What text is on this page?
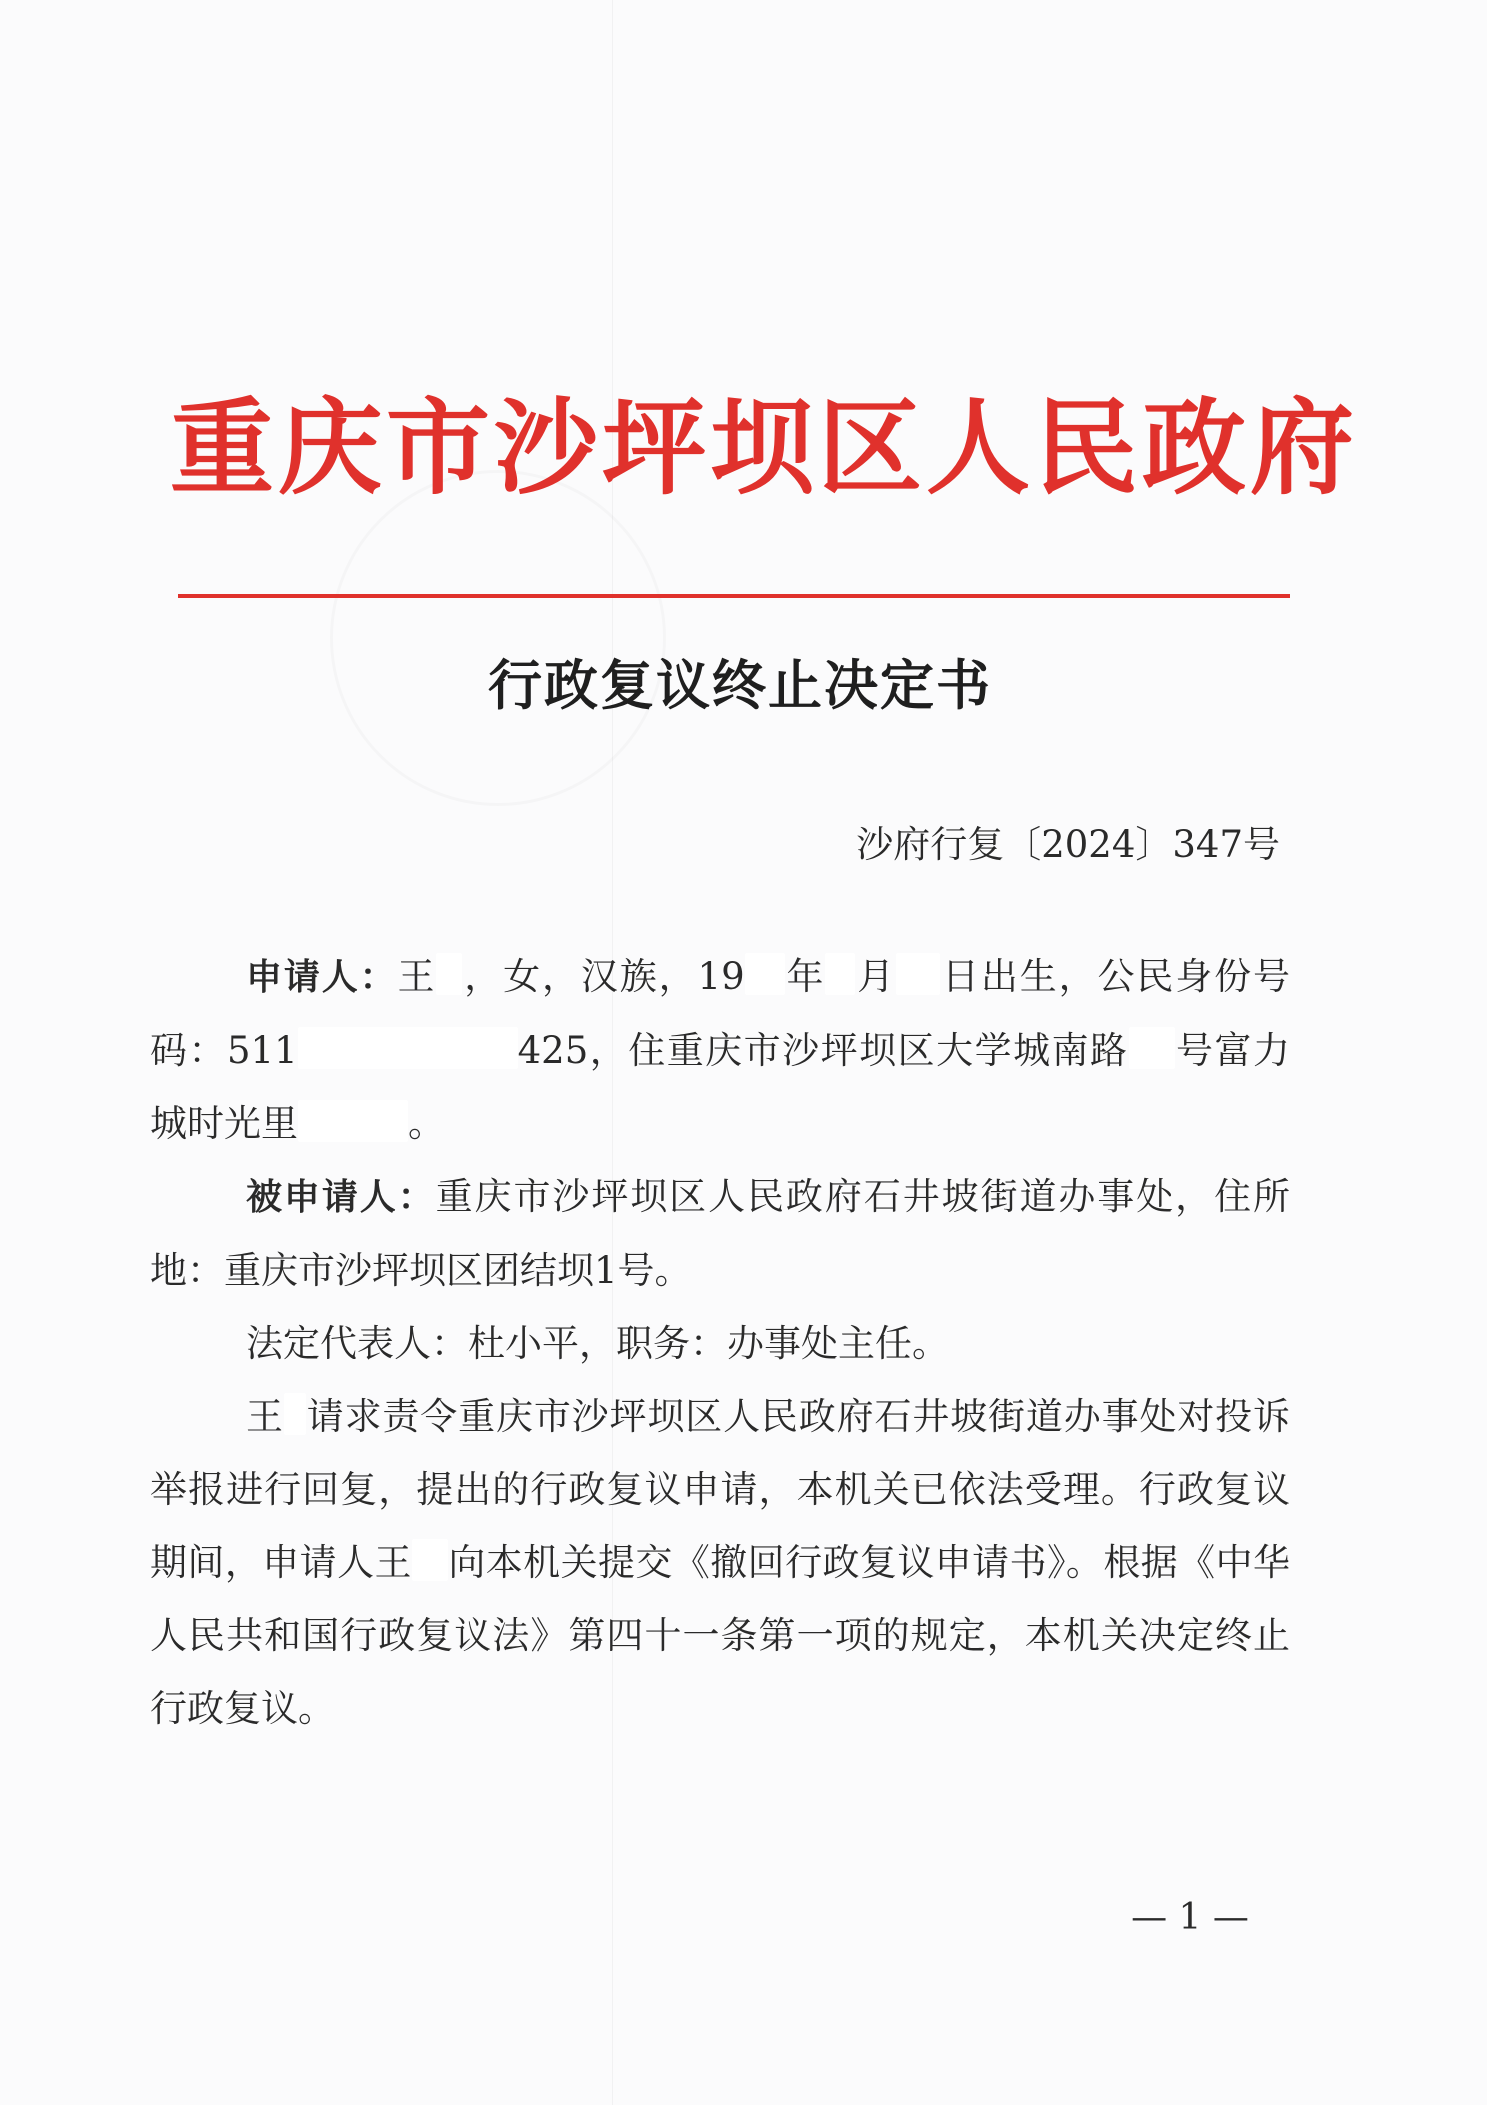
重庆市沙坪坝区人民政府
行政复议终止决定书
沙府行复〔2024〕347号

申请人：王 ，女，汉族，19 年 月 日出生，公民身份号码：511	425，住重庆市沙坪坝区大学城南路 号富力城时光里	。

被申请人：重庆市沙坪坝区人民政府石井坡街道办事处，住所地：重庆市沙坪坝区团结坝1号。

法定代表人：杜小平，职务：办事处主任。

王 请求责令重庆市沙坪坝区人民政府石井坡街道办事处对投诉举报进行回复，提出的行政复议申请，本机关已依法受理。行政复议期间，申请人王 向本机关提交《撤回行政复议申请书》。根据《中华人民共和国行政复议法》第四十一条第一项的规定，本机关决定终止行政复议。

— 1 —
